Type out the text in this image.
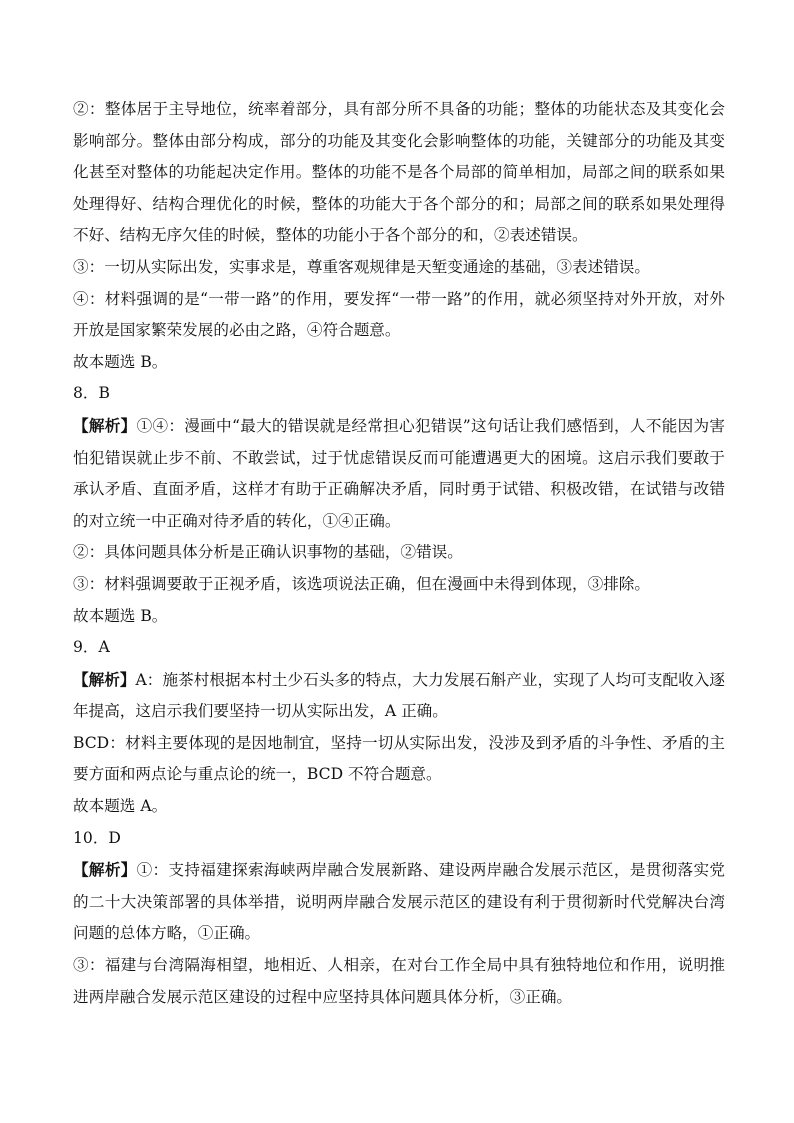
②：整体居于主导地位，统率着部分，具有部分所不具备的功能；整体的功能状态及其变化会影响部分。整体由部分构成，部分的功能及其变化会影响整体的功能，关键部分的功能及其变化甚至对整体的功能起决定作用。整体的功能不是各个局部的简单相加，局部之间的联系如果处理得好、结构合理优化的时候，整体的功能大于各个部分的和；局部之间的联系如果处理得不好、结构无序欠佳的时候，整体的功能小于各个部分的和，②表述错误。

③：一切从实际出发，实事求是，尊重客观规律是天堑变通途的基础，③表述错误。

④：材料强调的是“一带一路”的作用，要发挥“一带一路”的作用，就必须坚持对外开放，对外开放是国家繁荣发展的必由之路，④符合题意。

故本题选 B。

8．B

【解析】①④：漫画中“最大的错误就是经常担心犯错误”这句话让我们感悟到，人不能因为害怕犯错误就止步不前、不敢尝试，过于忧虑错误反而可能遭遇更大的困境。这启示我们要敢于承认矛盾、直面矛盾，这样才有助于正确解决矛盾，同时勇于试错、积极改错，在试错与改错的对立统一中正确对待矛盾的转化，①④正确。

②：具体问题具体分析是正确认识事物的基础，②错误。

③：材料强调要敢于正视矛盾，该选项说法正确，但在漫画中未得到体现，③排除。

故本题选 B。

9．A

【解析】A：施茶村根据本村土少石头多的特点，大力发展石斛产业，实现了人均可支配收入逐年提高，这启示我们要坚持一切从实际出发，A 正确。

BCD：材料主要体现的是因地制宜，坚持一切从实际出发，没涉及到矛盾的斗争性、矛盾的主要方面和两点论与重点论的统一，BCD 不符合题意。

故本题选 A。

10．D

【解析】①：支持福建探索海峡两岸融合发展新路、建设两岸融合发展示范区，是贯彻落实党的二十大决策部署的具体举措，说明两岸融合发展示范区的建设有利于贯彻新时代党解决台湾问题的总体方略，①正确。

③：福建与台湾隔海相望，地相近、人相亲，在对台工作全局中具有独特地位和作用，说明推进两岸融合发展示范区建设的过程中应坚持具体问题具体分析，③正确。
